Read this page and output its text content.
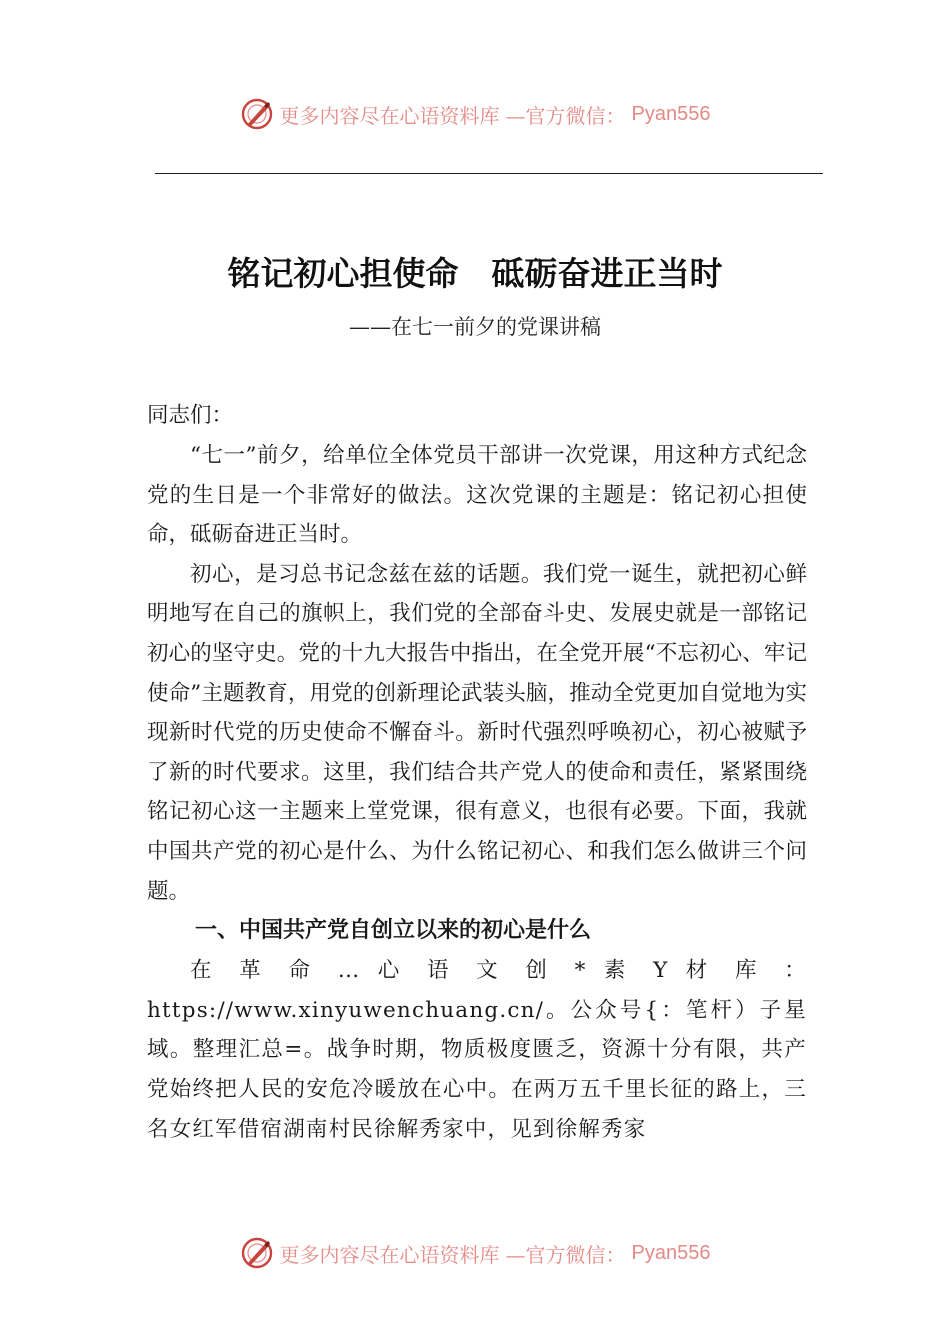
更多内容尽在心语资料库 —官方微信： Pyan556
铭记初心担使命　砥砺奋进正当时
——在七一前夕的党课讲稿
同志们：

“七一”前夕，给单位全体党员干部讲一次党课，用这种方式纪念党的生日是一个非常好的做法。这次党课的主题是：铭记初心担使命，砥砺奋进正当时。

初心，是习总书记念兹在兹的话题。我们党一诞生，就把初心鲜明地写在自己的旗帜上，我们党的全部奋斗史、发展史就是一部铭记初心的坚守史。党的十九大报告中指出，在全党开展“不忘初心、牢记使命”主题教育，用党的创新理论武装头脑，推动全党更加自觉地为实现新时代党的历史使命不懈奋斗。新时代强烈呼唤初心，初心被赋予了新的时代要求。这里，我们结合共产党人的使命和责任，紧紧围绕铭记初心这一主题来上堂党课，很有意义，也很有必要。下面，我就中国共产党的初心是什么、为什么铭记初心、和我们怎么做讲三个问题。

一、中国共产党自创立以来的初心是什么

在 革 命 … 心 语 文 创 * 素 Y 材 库 ： https://www.xinyuwenchuang.cn/。公众号{：笔杆）子星域。整理汇总=。战争时期，物质极度匮乏，资源十分有限，共产党始终把人民的安危冷暖放在心中。在两万五千里长征的路上，三名女红军借宿湖南村民徐解秀家中，见到徐解秀家

更多内容尽在心语资料库 —官方微信： Pyan556
